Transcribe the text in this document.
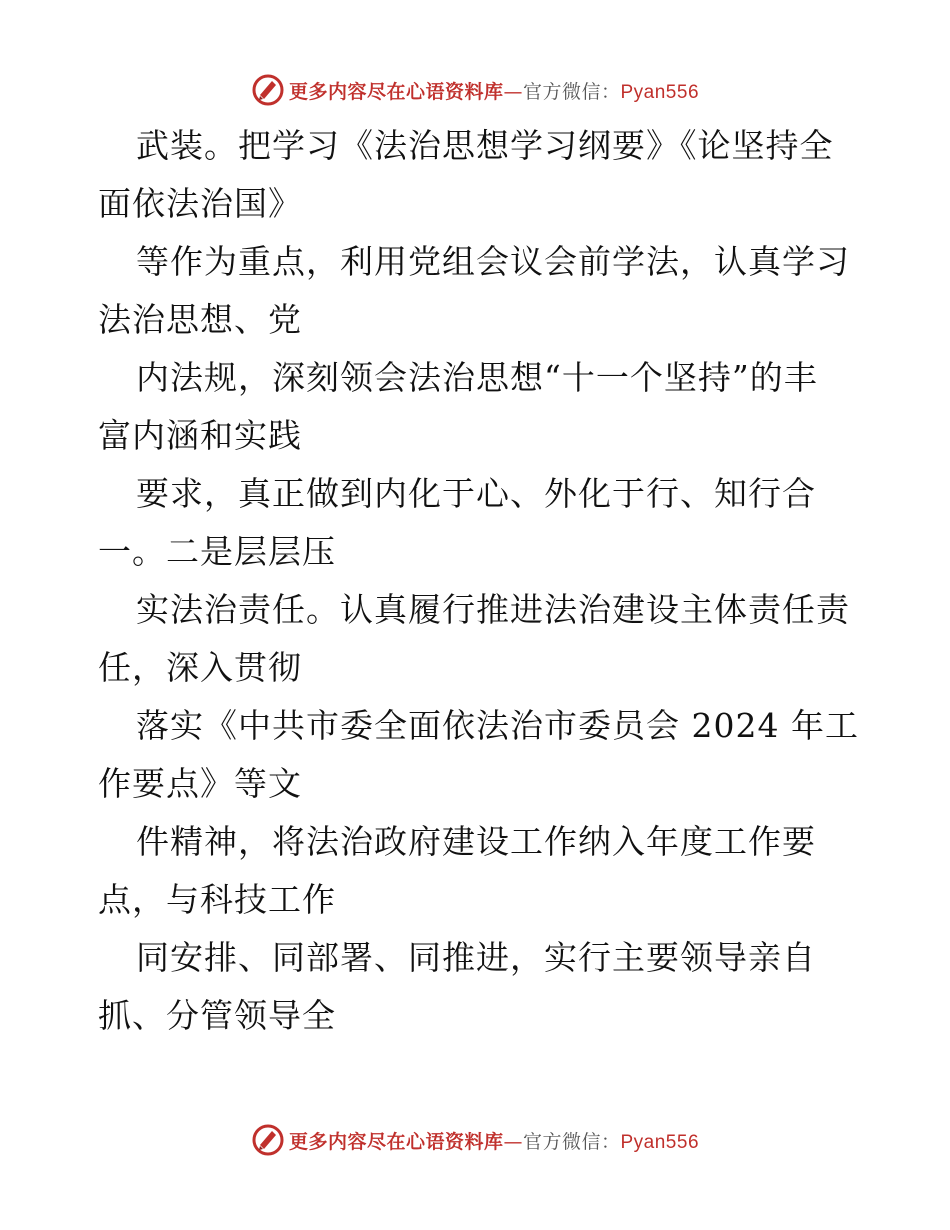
更多内容尽在心语资料库—官方微信：Pyan556
武装。把学习《法治思想学习纲要》《论坚持全
面依法治国》
等作为重点，利用党组会议会前学法，认真学习
法治思想、党
内法规，深刻领会法治思想“十一个坚持”的丰
富内涵和实践
要求，真正做到内化于心、外化于行、知行合
一。二是层层压
实法治责任。认真履行推进法治建设主体责任责
任，深入贯彻
落实《中共市委全面依法治市委员会 2024 年工
作要点》等文
件精神，将法治政府建设工作纳入年度工作要
点，与科技工作
同安排、同部署、同推进，实行主要领导亲自
抓、分管领导全
更多内容尽在心语资料库—官方微信：Pyan556
